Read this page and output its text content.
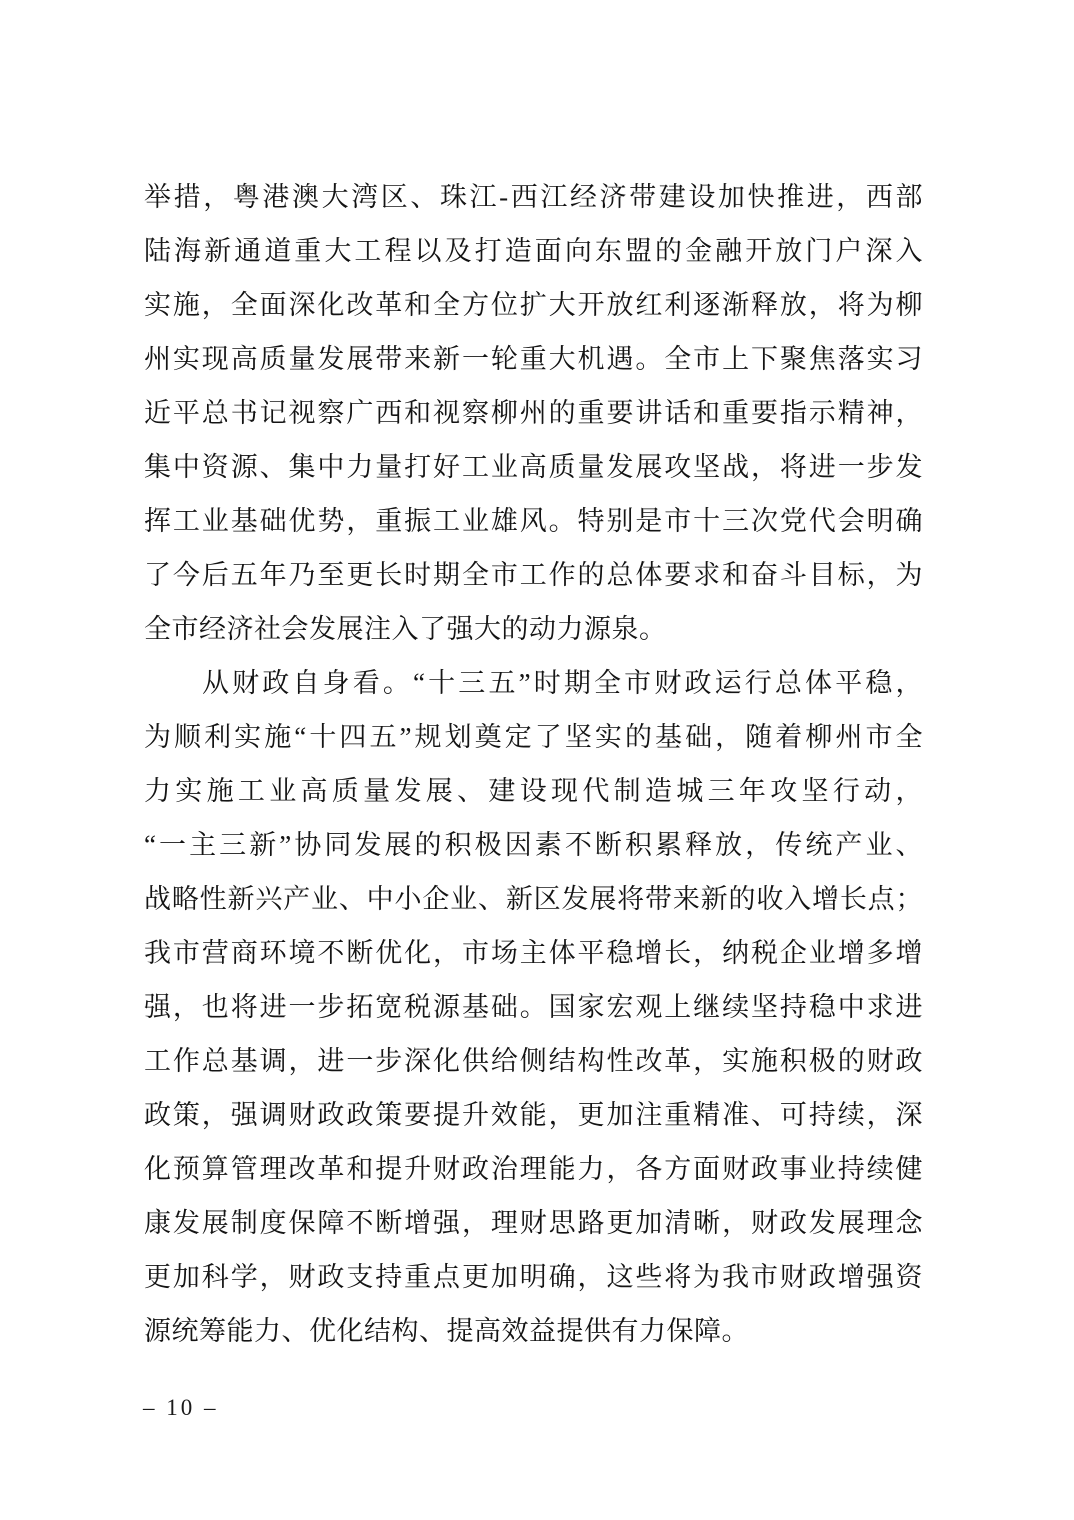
举措，粤港澳大湾区、珠江-西江经济带建设加快推进，西部
陆海新通道重大工程以及打造面向东盟的金融开放门户深入
实施，全面深化改革和全方位扩大开放红利逐渐释放，将为柳
州实现高质量发展带来新一轮重大机遇。全市上下聚焦落实习
近平总书记视察广西和视察柳州的重要讲话和重要指示精神，
集中资源、集中力量打好工业高质量发展攻坚战，将进一步发
挥工业基础优势，重振工业雄风。特别是市十三次党代会明确
了今后五年乃至更长时期全市工作的总体要求和奋斗目标，为
全市经济社会发展注入了强大的动力源泉。
从财政自身看。“十三五”时期全市财政运行总体平稳，
为顺利实施“十四五”规划奠定了坚实的基础，随着柳州市全
力实施工业高质量发展、建设现代制造城三年攻坚行动，
“一主三新”协同发展的积极因素不断积累释放，传统产业、
战略性新兴产业、中小企业、新区发展将带来新的收入增长点；
我市营商环境不断优化，市场主体平稳增长，纳税企业增多增
强，也将进一步拓宽税源基础。国家宏观上继续坚持稳中求进
工作总基调，进一步深化供给侧结构性改革，实施积极的财政
政策，强调财政政策要提升效能，更加注重精准、可持续，深
化预算管理改革和提升财政治理能力，各方面财政事业持续健
康发展制度保障不断增强，理财思路更加清晰，财政发展理念
更加科学，财政支持重点更加明确，这些将为我市财政增强资
源统筹能力、优化结构、提高效益提供有力保障。
– 10 –
